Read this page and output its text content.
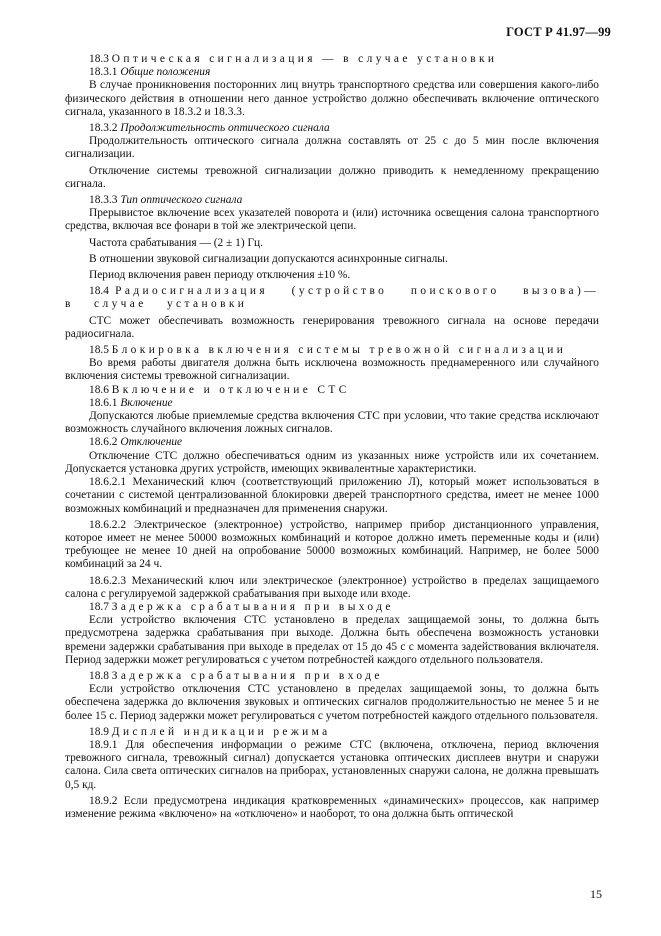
ГОСТ Р 41.97—99

18.3 Оптическая сигнализация — в случае установки

18.3.1 Общие положения

В случае проникновения посторонних лиц внутрь транспортного средства или совершения какого-либо физического действия в отношении него данное устройство должно обеспечивать включение оптического сигнала, указанного в 18.3.2 и 18.3.3.

18.3.2 Продолжительность оптического сигнала

Продолжительность оптического сигнала должна составлять от 25 с до 5 мин после включения сигнализации.

Отключение системы тревожной сигнализации должно приводить к немедленному прекращению сигнала.

18.3.3 Тип оптического сигнала

Прерывистое включение всех указателей поворота и (или) источника освещения салона транспортного средства, включая все фонари в той же электрической цепи.

Частота срабатывания — (2 ± 1) Гц.

В отношении звуковой сигнализации допускаются асинхронные сигналы.

Период включения равен периоду отключения ±10 %.

18.4 Радиосигнализация (устройство поискового вызова)— в случае установки

СТС может обеспечивать возможность генерирования тревожного сигнала на основе передачи радиосигнала.

18.5 Блокировка включения системы тревожной сигнализации

Во время работы двигателя должна быть исключена возможность преднамеренного или случайного включения системы тревожной сигнализации.

18.6 Включение и отключение СТС

18.6.1 Включение

Допускаются любые приемлемые средства включения СТС при условии, что такие средства исключают возможность случайного включения ложных сигналов.

18.6.2 Отключение

Отключение СТС должно обеспечиваться одним из указанных ниже устройств или их сочетанием. Допускается установка других устройств, имеющих эквивалентные характеристики.

18.6.2.1 Механический ключ (соответствующий приложению Л), который может использоваться в сочетании с системой централизованной блокировки дверей транспортного средства, имеет не менее 1000 возможных комбинаций и предназначен для применения снаружи.

18.6.2.2 Электрическое (электронное) устройство, например прибор дистанционного управления, которое имеет не менее 50000 возможных комбинаций и которое должно иметь переменные коды и (или) требующее не менее 10 дней на опробование 50000 возможных комбинаций. Например, не более 5000 комбинаций за 24 ч.

18.6.2.3 Механический ключ или электрическое (электронное) устройство в пределах защищаемого салона с регулируемой задержкой срабатывания при выходе или входе.

18.7 Задержка срабатывания при выходе

Если устройство включения СТС установлено в пределах защищаемой зоны, то должна быть предусмотрена задержка срабатывания при выходе. Должна быть обеспечена возможность установки времени задержки срабатывания при выходе в пределах от 15 до 45 с с момента задействования включателя. Период задержки может регулироваться с учетом потребностей каждого отдельного пользователя.

18.8 Задержка срабатывания при входе

Если устройство отключения СТС установлено в пределах защищаемой зоны, то должна быть обеспечена задержка до включения звуковых и оптических сигналов продолжительностью не менее 5 и не более 15 с. Период задержки может регулироваться с учетом потребностей каждого отдельного пользователя.

18.9 Дисплей индикации режима

18.9.1 Для обеспечения информации о режиме СТС (включена, отключена, период включения тревожного сигнала, тревожный сигнал) допускается установка оптических дисплеев внутри и снаружи салона. Сила света оптических сигналов на приборах, установленных снаружи салона, не должна превышать 0,5 кд.

18.9.2 Если предусмотрена индикация кратковременных «динамических» процессов, как например изменение режима «включено» на «отключено» и наоборот, то она должна быть оптической

15
